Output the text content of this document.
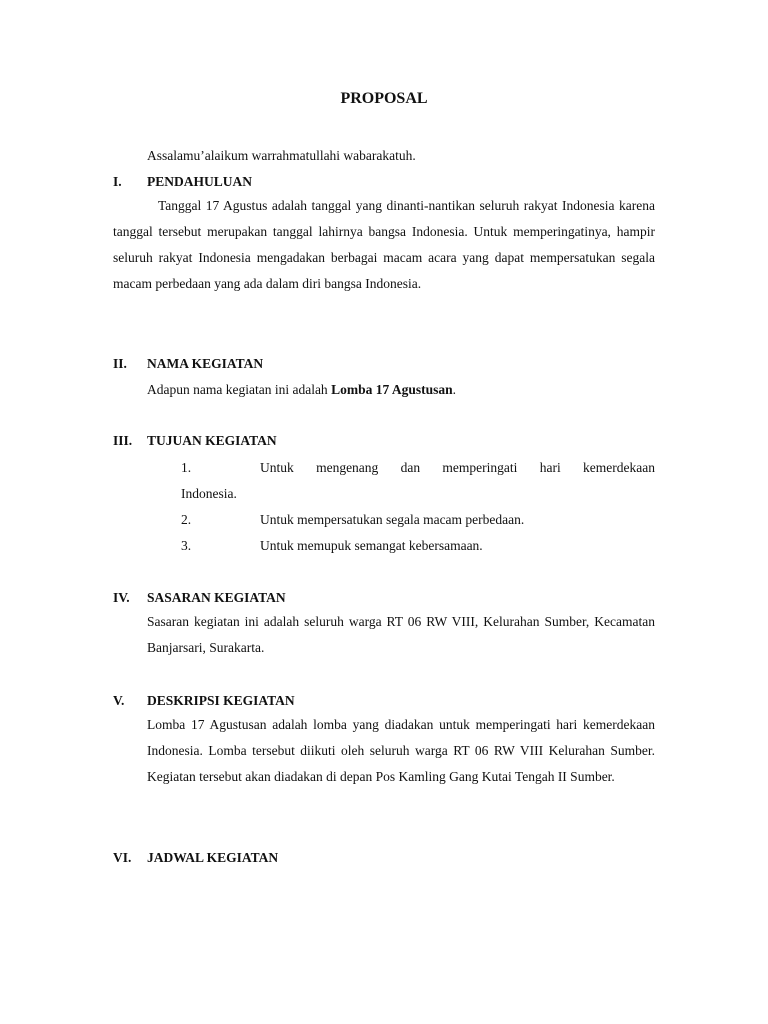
PROPOSAL

Assalamu’alaikum warrahmatullahi wabarakatuh.

I. PENDAHULUAN

Tanggal 17 Agustus adalah tanggal yang dinanti-nantikan seluruh rakyat Indonesia karena tanggal tersebut merupakan tanggal lahirnya bangsa Indonesia. Untuk memperingatinya, hampir seluruh rakyat Indonesia mengadakan berbagai macam acara yang dapat mempersatukan segala macam perbedaan yang ada dalam diri bangsa Indonesia.

II. NAMA KEGIATAN

Adapun nama kegiatan ini adalah Lomba 17 Agustusan.

III. TUJUAN KEGIATAN

1.	Untuk mengenang dan memperingati hari kemerdekaan

Indonesia.

2.	Untuk mempersatukan segala macam perbedaan.

3.	Untuk memupuk semangat kebersamaan.

IV. SASARAN KEGIATAN

Sasaran kegiatan ini adalah seluruh warga RT 06 RW VIII, Kelurahan Sumber, Kecamatan Banjarsari, Surakarta.

V. DESKRIPSI KEGIATAN

Lomba 17 Agustusan adalah lomba yang diadakan untuk memperingati hari kemerdekaan Indonesia. Lomba tersebut diikuti oleh seluruh warga RT 06 RW VIII Kelurahan Sumber. Kegiatan tersebut akan diadakan di depan Pos Kamling Gang Kutai Tengah II Sumber.

VI. JADWAL KEGIATAN
